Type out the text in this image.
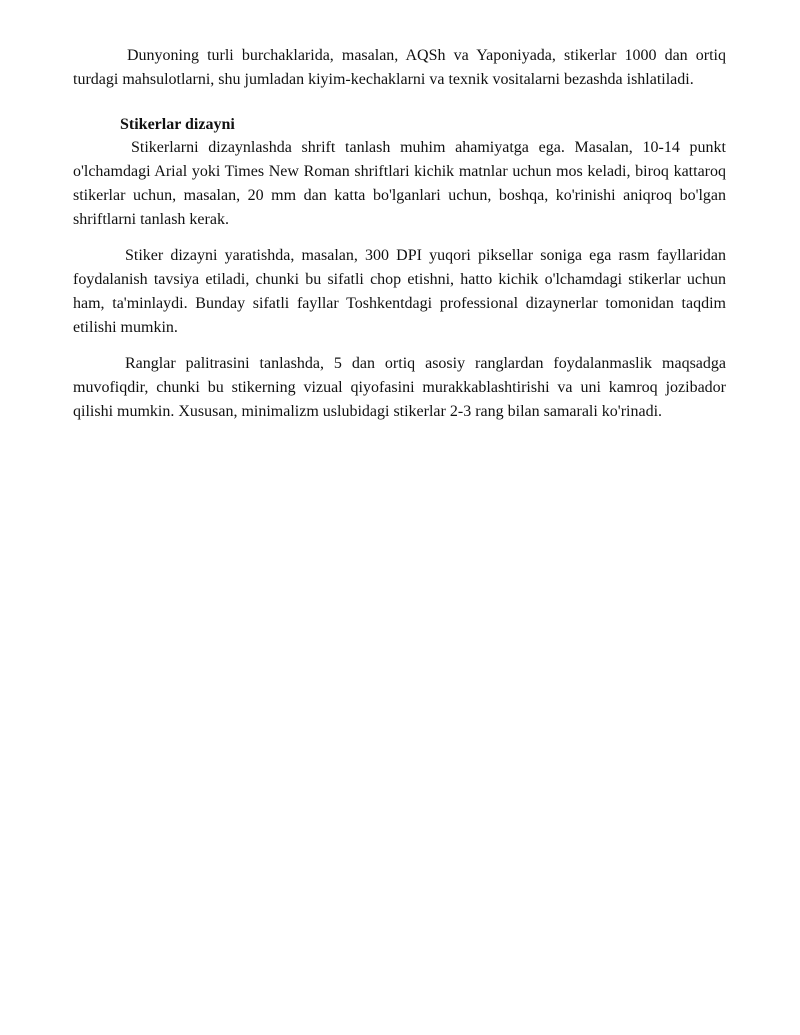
Dunyoning turli burchaklarida, masalan, AQSh va Yaponiyada, stikerlar 1000 dan ortiq turdagi mahsulotlarni, shu jumladan kiyim-kechaklarni va texnik vositalarni bezashda ishlatiladi.

Stikerlar dizayni

Stikerlarni dizaynlashda shrift tanlash muhim ahamiyatga ega. Masalan, 10-14 punkt o'lchamdagi Arial yoki Times New Roman shriftlari kichik matnlar uchun mos keladi, biroq kattaroq stikerlar uchun, masalan, 20 mm dan katta bo'lganlari uchun, boshqa, ko'rinishi aniqroq bo'lgan shriftlarni tanlash kerak.

Stiker dizayni yaratishda, masalan, 300 DPI yuqori piksellar soniga ega rasm fayllaridan foydalanish tavsiya etiladi, chunki bu sifatli chop etishni, hatto kichik o'lchamdagi stikerlar uchun ham, ta'minlaydi. Bunday sifatli fayllar Toshkentdagi professional dizaynerlar tomonidan taqdim etilishi mumkin.

Ranglar palitrasini tanlashda, 5 dan ortiq asosiy ranglardan foydalanmaslik maqsadga muvofiqdir, chunki bu stikerning vizual qiyofasini murakkablashtirishi va uni kamroq jozibador qilishi mumkin. Xususan, minimalizm uslubidagi stikerlar 2-3 rang bilan samarali ko'rinadi.
